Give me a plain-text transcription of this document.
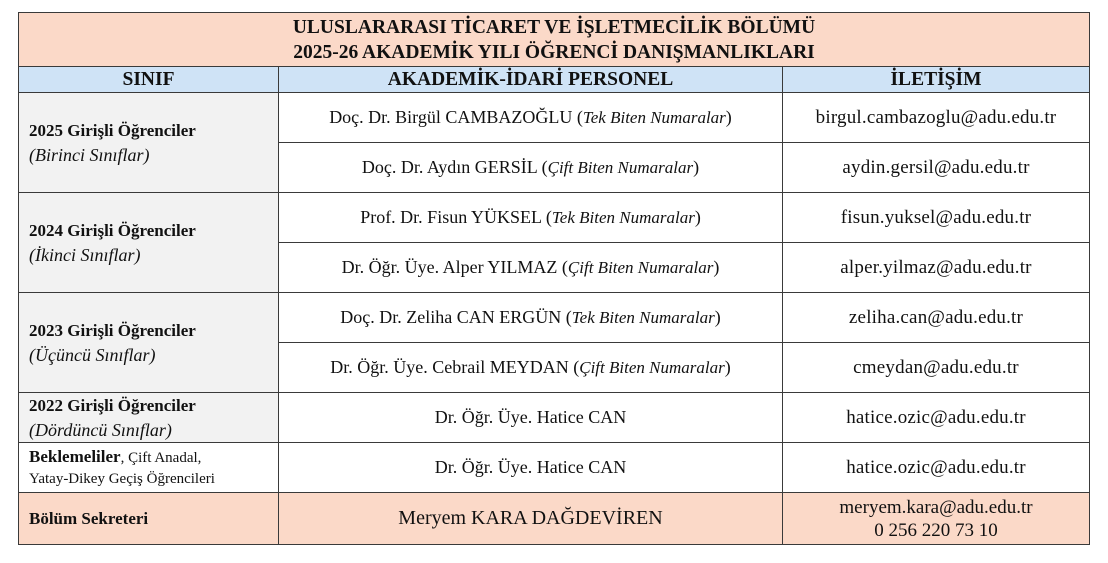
ULUSLARARASI TİCARET VE İŞLETMECİLİK BÖLÜMÜ
2025-26 AKADEMİK YILI ÖĞRENCİ DANIŞMANLIKLARI		

SINIF	AKADEMİK-İDARİ PERSONEL	İLETİŞİM

2025 Girişli Öğrenciler
(Birinci Sınıflar)	Doç. Dr. Birgül CAMBAZOĞLU (Tek Biten Numaralar)	birgul.cambazoglu@adu.edu.tr
	Doç. Dr. Aydın GERSİL (Çift Biten Numaralar)	aydin.gersil@adu.edu.tr

2024 Girişli Öğrenciler
(İkinci Sınıflar)	Prof. Dr. Fisun YÜKSEL (Tek Biten Numaralar)	fisun.yuksel@adu.edu.tr
	Dr. Öğr. Üye. Alper YILMAZ (Çift Biten Numaralar)	alper.yilmaz@adu.edu.tr

2023 Girişli Öğrenciler
(Üçüncü Sınıflar)	Doç. Dr. Zeliha CAN ERGÜN (Tek Biten Numaralar)	zeliha.can@adu.edu.tr
	Dr. Öğr. Üye. Cebrail MEYDAN (Çift Biten Numaralar)	cmeydan@adu.edu.tr

2022 Girişli Öğrenciler
(Dördüncü Sınıflar)	Dr. Öğr. Üye. Hatice CAN	hatice.ozic@adu.edu.tr

Beklemeliler, Çift Anadal,
Yatay-Dikey Geçiş Öğrencileri	Dr. Öğr. Üye. Hatice CAN	hatice.ozic@adu.edu.tr
Bölüm Sekreteri	Meryem KARA DAĞDEVİREN	meryem.kara@adu.edu.tr
0 256 220 73 10
